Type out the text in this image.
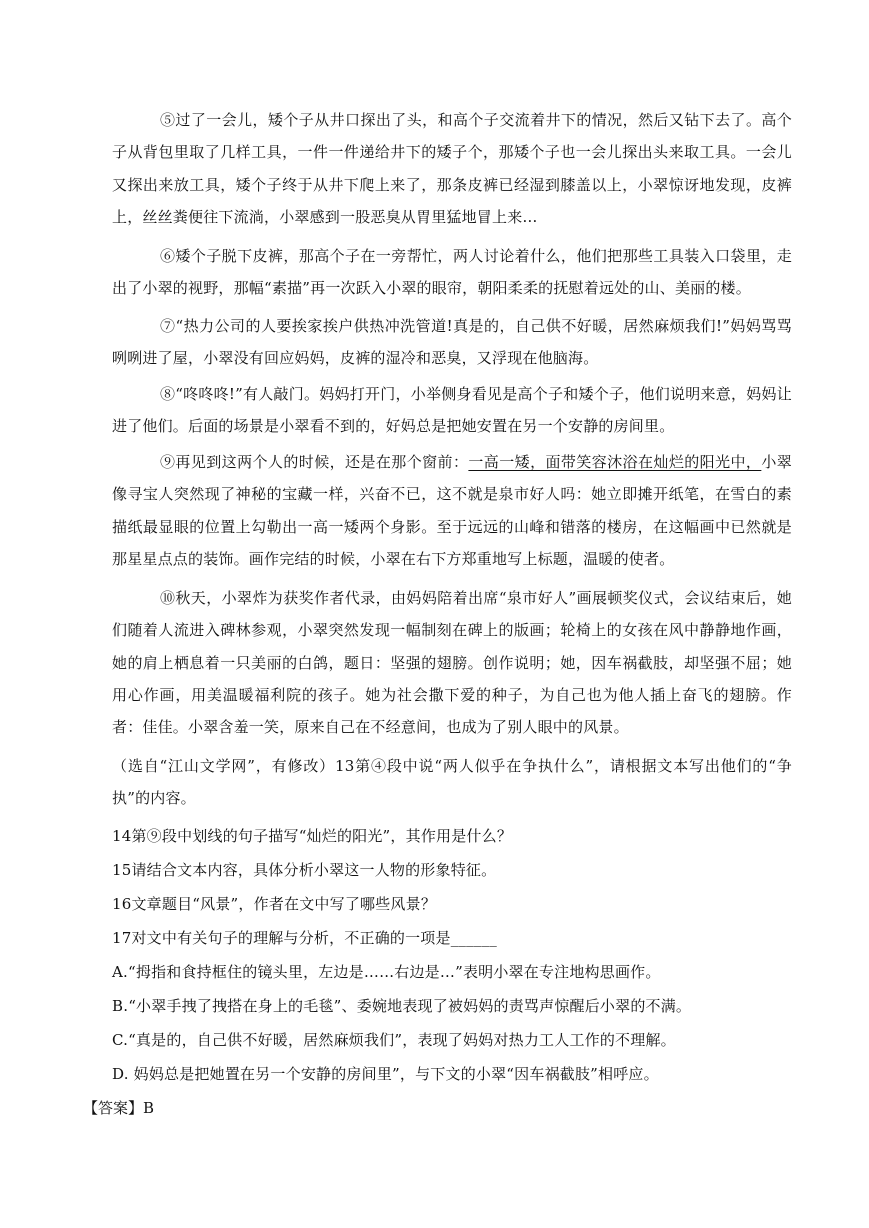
⑤过了一会儿，矮个子从井口探出了头，和高个子交流着井下的情况，然后又钻下去了。高个子从背包里取了几样工具，一件一件递给井下的矮子个，那矮个子也一会儿探出头来取工具。一会儿又探出来放工具，矮个子终于从井下爬上来了，那条皮裤已经湿到膝盖以上，小翠惊讶地发现，皮裤上，丝丝粪便往下流淌，小翠感到一股恶臭从胃里猛地冒上来…
⑥矮个子脱下皮裤，那高个子在一旁帮忙，两人讨论着什么，他们把那些工具装入口袋里，走出了小翠的视野，那幅“素描”再一次跃入小翠的眼帘，朝阳柔柔的抚慰着远处的山、美丽的楼。
⑦“热力公司的人要挨家挨户供热冲洗管道!真是的，自己供不好暖，居然麻烦我们!”妈妈骂骂咧咧进了屋，小翠没有回应妈妈，皮裤的湿冷和恶臭，又浮现在他脑海。
⑧“咚咚咚!”有人敲门。妈妈打开门，小举侧身看见是高个子和矮个子，他们说明来意，妈妈让进了他们。后面的场景是小翠看不到的，好妈总是把她安置在另一个安静的房间里。
⑨再见到这两个人的时候，还是在那个窗前：一高一矮，面带笑容沐浴在灿烂的阳光中，小翠像寻宝人突然现了神秘的宝藏一样，兴奋不已，这不就是泉市好人吗：她立即摊开纸笔，在雪白的素描纸最显眼的位置上勾勒出一高一矮两个身影。至于远远的山峰和错落的楼房，在这幅画中已然就是那星星点点的装饰。画作完结的时候，小翠在右下方郑重地写上标题，温暖的使者。
⑩秋天，小翠炸为获奖作者代录，由妈妈陪着出席“泉市好人”画展顿奖仪式，会议结束后，她们随着人流进入碑林参观，小翠突然发现一幅制刻在碑上的版画；轮椅上的女孩在风中静静地作画，她的肩上栖息着一只美丽的白鸽，题日：坚强的翅膀。创作说明；她，因车祸截肢，却坚强不屈；她用心作画，用美温暖福利院的孩子。她为社会撒下爱的种子，为自己也为他人插上奋飞的翅膀。作者：佳佳。小翠含羞一笑，原来自己在不经意间，也成为了别人眼中的风景。
（选自“江山文学网”，有修改）13第④段中说“两人似乎在争执什么”，请根据文本写出他们的“争执”的内容。
14第⑨段中划线的句子描写“灿烂的阳光”，其作用是什么？
15请结合文本内容，具体分析小翠这一人物的形象特征。
16文章题目“风景”，作者在文中写了哪些风景？
17对文中有关句子的理解与分析，不正确的一项是______
A.“拇指和食持框住的镜头里，左边是……右边是…”表明小翠在专注地构思画作。
B.“小翠手拽了拽搭在身上的毛毯”、委婉地表现了被妈妈的责骂声惊醒后小翠的不满。
C.“真是的，自己供不好暖，居然麻烦我们”，表现了妈妈对热力工人工作的不理解。
D. 妈妈总是把她置在另一个安静的房间里”，与下文的小翠“因车祸截肢”相呼应。
【答案】B
